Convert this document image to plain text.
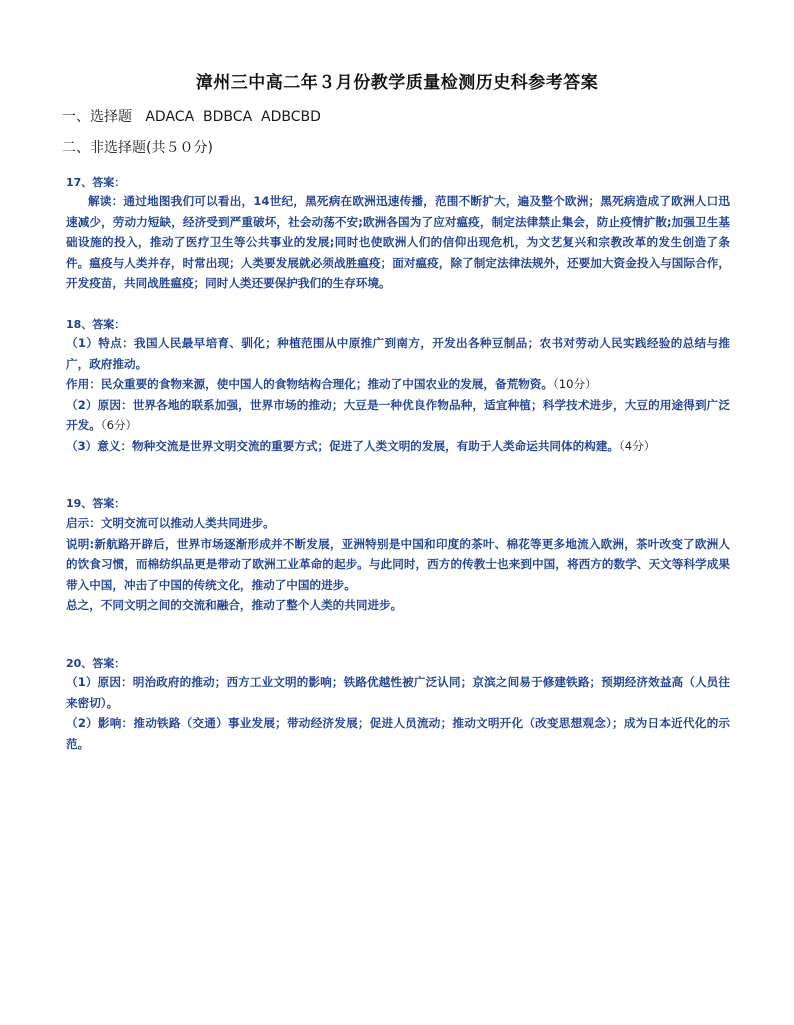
漳州三中高二年３月份教学质量检测历史科参考答案
一、选择题   ADACA  BDBCA  ADBCBD
二、非选择题(共５０分)
17、答案：

解读：通过地图我们可以看出，14世纪，黑死病在欧洲迅速传播，范围不断扩大，遍及整个欧洲；黑死病造成了欧洲人口迅速减少，劳动力短缺，经济受到严重破坏，社会动荡不安;欧洲各国为了应对瘟疫，制定法律禁止集会，防止疫情扩散;加强卫生基础设施的投入，推动了医疗卫生等公共事业的发展;同时也使欧洲人们的信仰出现危机，为文艺复兴和宗教改革的发生创造了条件。瘟疫与人类并存，时常出现；人类要发展就必须战胜瘟疫；面对瘟疫，除了制定法律法规外，还要加大资金投入与国际合作，开发疫苗，共同战胜瘟疫；同时人类还要保护我们的生存环境。

18、答案：

（1）特点：我国人民最早培育、驯化；种植范围从中原推广到南方，开发出各种豆制品；农书对劳动人民实践经验的总结与推广，政府推动。

作用：民众重要的食物来源，使中国人的食物结构合理化；推动了中国农业的发展，备荒物资。（10分）

（2）原因：世界各地的联系加强，世界市场的推动；大豆是一种优良作物品种，适宜种植；科学技术进步，大豆的用途得到广泛开发。（6分）

（3）意义：物种交流是世界文明交流的重要方式；促进了人类文明的发展，有助于人类命运共同体的构建。（4分）

19、答案：

启示：文明交流可以推动人类共同进步。

说明:新航路开辟后，世界市场逐渐形成并不断发展，亚洲特别是中国和印度的茶叶、棉花等更多地流入欧洲，茶叶改变了欧洲人的饮食习惯，而棉纺织品更是带动了欧洲工业革命的起步。与此同时，西方的传教士也来到中国，将西方的数学、天文等科学成果带入中国，冲击了中国的传统文化，推动了中国的进步。

总之，不同文明之间的交流和融合，推动了整个人类的共同进步。

20、答案：

（1）原因：明治政府的推动；西方工业文明的影响；铁路优越性被广泛认同；京滨之间易于修建铁路；预期经济效益高（人员往来密切）。

（2）影响：推动铁路（交通）事业发展；带动经济发展；促进人员流动；推动文明开化（改变思想观念）；成为日本近代化的示范。
